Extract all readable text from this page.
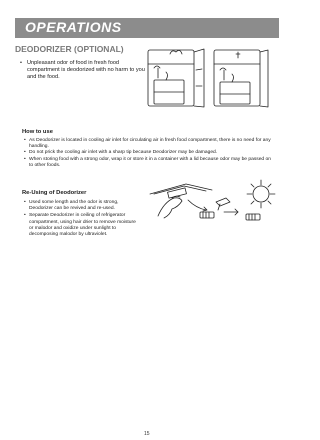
OPERATIONS
DEODORIZER (OPTIONAL)
• Unpleasant odor of food in fresh food compartment is deodorized with no harm to you and the food.
How to use
• As Deodorizer is located in cooling air inlet for circulating air in fresh food compartment, there is no need for any handling.
• Do not prick the cooling air inlet with a sharp tip because Deodorizer may be damaged.
• When storing food with a strong odor, wrap it or store it in a container with a lid because odor may be passed on to other foods.
Re-Using of Deodorizer
• Used some length and the odor is strong, Deodorizer can be revived and re-used.
• Separate Deodorizer in ceiling of refrigerator compartment, using hair drier to remove moisture or malodor and oxidize under sunlight to decomposing malodor by ultraviolet.
15
